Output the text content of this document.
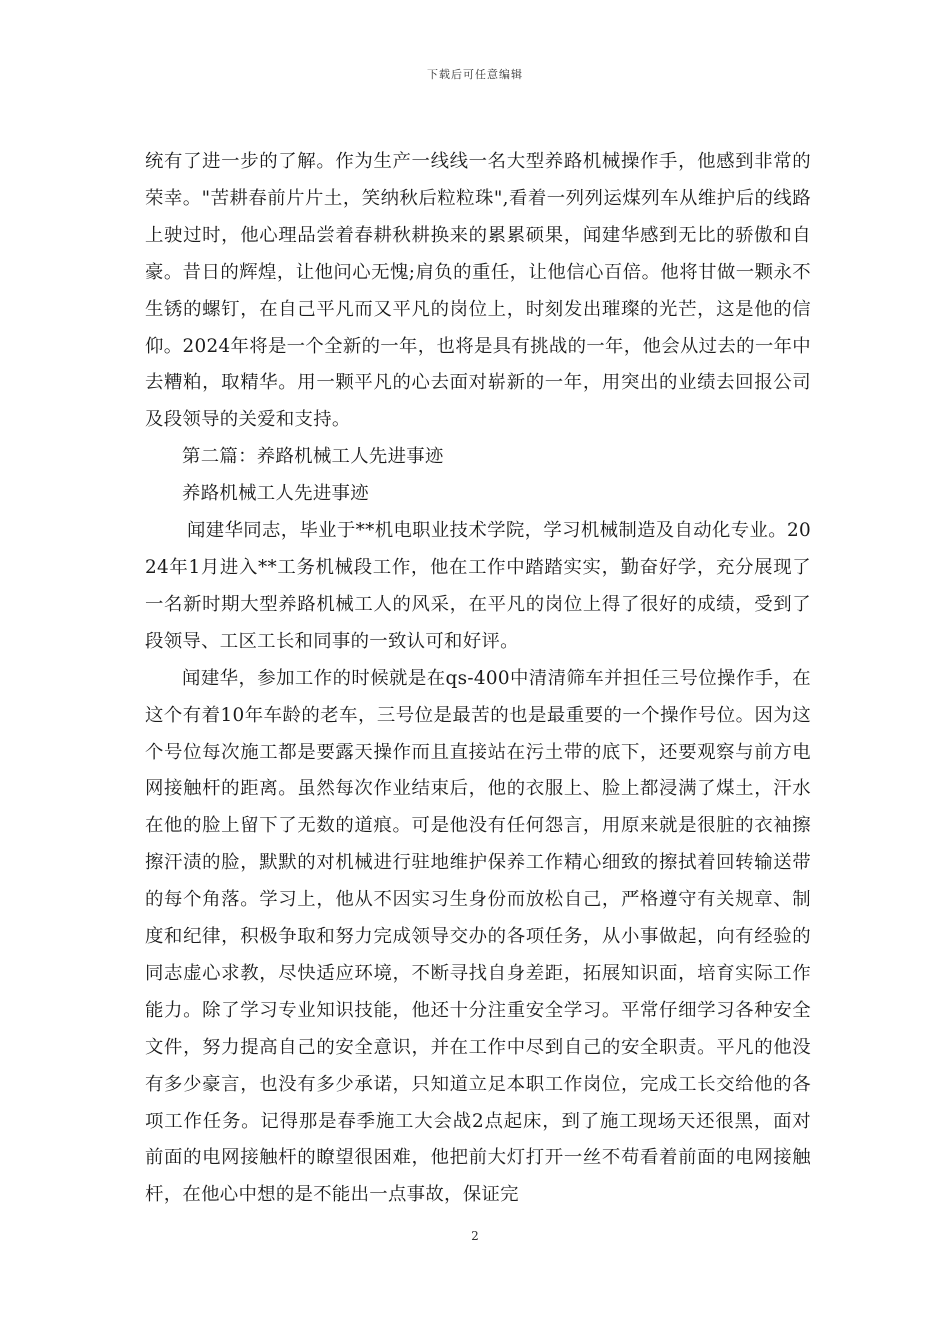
下载后可任意编辑

统有了进一步的了解。作为生产一线线一名大型养路机械操作手，他感到非常的荣幸。"苦耕春前片片土，笑纳秋后粒粒珠",看着一列列运煤列车从维护后的线路上驶过时，他心理品尝着春耕秋耕换来的累累硕果，闻建华感到无比的骄傲和自豪。昔日的辉煌，让他问心无愧;肩负的重任，让他信心百倍。他将甘做一颗永不生锈的螺钉，在自己平凡而又平凡的岗位上，时刻发出璀璨的光芒，这是他的信仰。2024年将是一个全新的一年，也将是具有挑战的一年，他会从过去的一年中去糟粕，取精华。用一颗平凡的心去面对崭新的一年，用突出的业绩去回报公司及段领导的关爱和支持。

第二篇：养路机械工人先进事迹

养路机械工人先进事迹

闻建华同志，毕业于**机电职业技术学院，学习机械制造及自动化专业。2024年1月进入**工务机械段工作，他在工作中踏踏实实，勤奋好学，充分展现了一名新时期大型养路机械工人的风采，在平凡的岗位上得了很好的成绩，受到了段领导、工区工长和同事的一致认可和好评。

闻建华，参加工作的时候就是在qs-400中清清筛车并担任三号位操作手，在这个有着10年车龄的老车，三号位是最苦的也是最重要的一个操作号位。因为这个号位每次施工都是要露天操作而且直接站在污土带的底下，还要观察与前方电网接触杆的距离。虽然每次作业结束后，他的衣服上、脸上都浸满了煤土，汗水在他的脸上留下了无数的道痕。可是他没有任何怨言，用原来就是很脏的衣袖擦擦汗渍的脸，默默的对机械进行驻地维护保养工作精心细致的擦拭着回转输送带的每个角落。学习上，他从不因实习生身份而放松自己，严格遵守有关规章、制度和纪律，积极争取和努力完成领导交办的各项任务，从小事做起，向有经验的同志虚心求教，尽快适应环境，不断寻找自身差距，拓展知识面，培育实际工作能力。除了学习专业知识技能，他还十分注重安全学习。平常仔细学习各种安全文件，努力提高自己的安全意识，并在工作中尽到自己的安全职责。平凡的他没有多少豪言，也没有多少承诺，只知道立足本职工作岗位，完成工长交给他的各项工作任务。记得那是春季施工大会战2点起床，到了施工现场天还很黑，面对前面的电网接触杆的瞭望很困难，他把前大灯打开一丝不苟看着前面的电网接触杆，在他心中想的是不能出一点事故，保证完

2
